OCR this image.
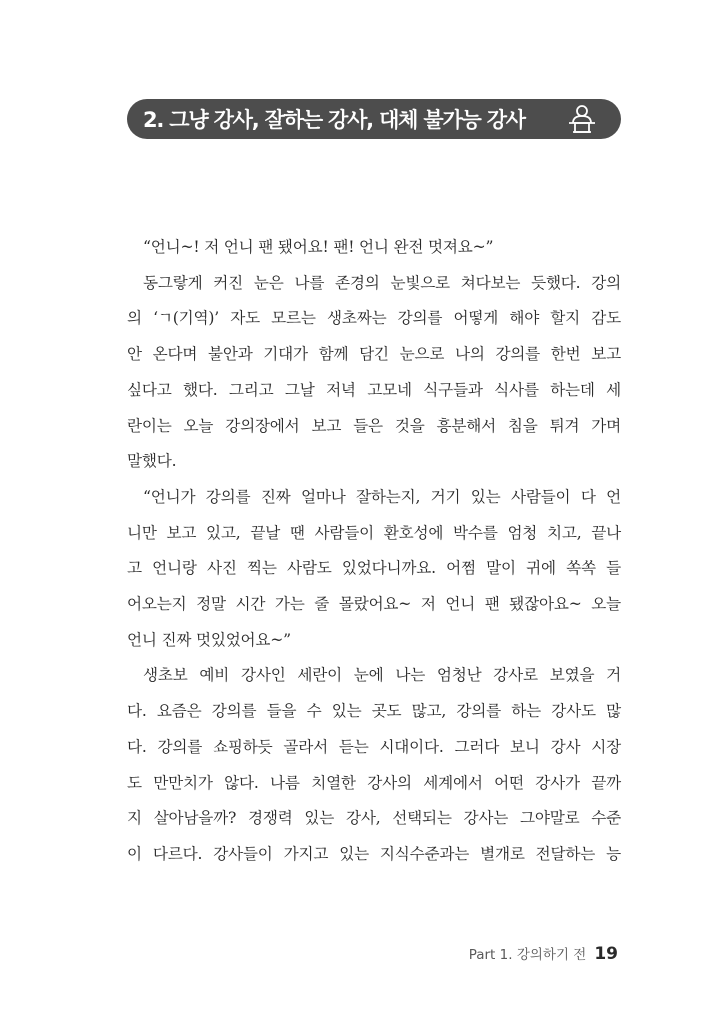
2. 그냥 강사, 잘하는 강사, 대체 불가능 강사

“언니~! 저 언니 팬 됐어요! 팬! 언니 완전 멋져요~”

동그랗게 커진 눈은 나를 존경의 눈빛으로 쳐다보는 듯했다. 강의
의 ‘ㄱ(기역)’ 자도 모르는 생초짜는 강의를 어떻게 해야 할지 감도
안 온다며 불안과 기대가 함께 담긴 눈으로 나의 강의를 한번 보고
싶다고 했다. 그리고 그날 저녁 고모네 식구들과 식사를 하는데 세
란이는 오늘 강의장에서 보고 들은 것을 흥분해서 침을 튀겨 가며
말했다.

“언니가 강의를 진짜 얼마나 잘하는지, 거기 있는 사람들이 다 언
니만 보고 있고, 끝날 땐 사람들이 환호성에 박수를 엄청 치고, 끝나
고 언니랑 사진 찍는 사람도 있었다니까요. 어쩜 말이 귀에 쏙쏙 들
어오는지 정말 시간 가는 줄 몰랐어요~ 저 언니 팬 됐잖아요~ 오늘
언니 진짜 멋있었어요~”

생초보 예비 강사인 세란이 눈에 나는 엄청난 강사로 보였을 거
다. 요즘은 강의를 들을 수 있는 곳도 많고, 강의를 하는 강사도 많
다. 강의를 쇼핑하듯 골라서 듣는 시대이다. 그러다 보니 강사 시장
도 만만치가 않다. 나름 치열한 강사의 세계에서 어떤 강사가 끝까
지 살아남을까? 경쟁력 있는 강사, 선택되는 강사는 그야말로 수준
이 다르다. 강사들이 가지고 있는 지식수준과는 별개로 전달하는 능

Part 1. 강의하기 전 19
